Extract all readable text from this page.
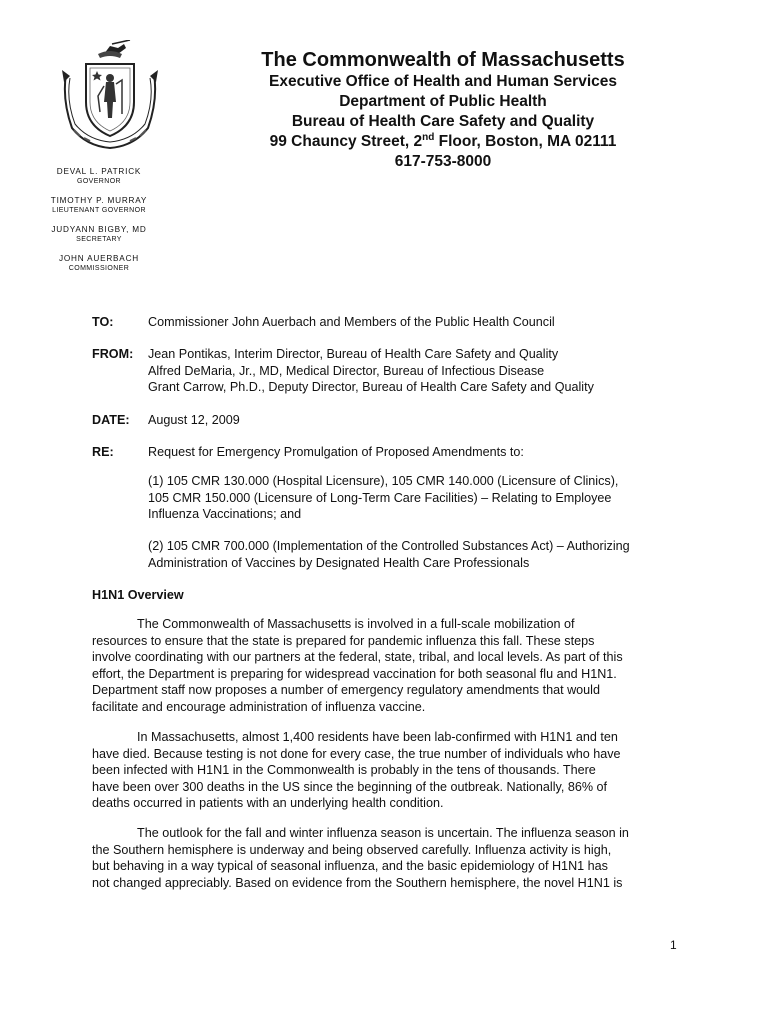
The Commonwealth of Massachusetts
Executive Office of Health and Human Services
Department of Public Health
Bureau of Health Care Safety and Quality
99 Chauncy Street, 2nd Floor, Boston, MA 02111
617-753-8000
DEVAL L. PATRICK
GOVERNOR
TIMOTHY P. MURRAY
LIEUTENANT GOVERNOR
JUDYANN BIGBY, MD
SECRETARY
JOHN AUERBACH
COMMISSIONER
TO:	Commissioner John Auerbach and Members of the Public Health Council
FROM:	Jean Pontikas, Interim Director, Bureau of Health Care Safety and Quality
Alfred DeMaria, Jr., MD, Medical Director, Bureau of Infectious Disease
Grant Carrow, Ph.D., Deputy Director, Bureau of Health Care Safety and Quality
DATE:	August 12, 2009
RE:	Request for Emergency Promulgation of Proposed Amendments to:
(1) 105 CMR 130.000 (Hospital Licensure), 105 CMR 140.000 (Licensure of Clinics),
105 CMR 150.000 (Licensure of Long-Term Care Facilities) – Relating to Employee
Influenza Vaccinations; and
(2) 105 CMR 700.000 (Implementation of the Controlled Substances Act) – Authorizing
Administration of Vaccines by Designated Health Care Professionals
H1N1 Overview
The Commonwealth of Massachusetts is involved in a full-scale mobilization of
resources to ensure that the state is prepared for pandemic influenza this fall. These steps
involve coordinating with our partners at the federal, state, tribal, and local levels. As part of this
effort, the Department is preparing for widespread vaccination for both seasonal flu and H1N1.
Department staff now proposes a number of emergency regulatory amendments that would
facilitate and encourage administration of influenza vaccine.
In Massachusetts, almost 1,400 residents have been lab-confirmed with H1N1 and ten
have died. Because testing is not done for every case, the true number of individuals who have
been infected with H1N1 in the Commonwealth is probably in the tens of thousands. There
have been over 300 deaths in the US since the beginning of the outbreak. Nationally, 86% of
deaths occurred in patients with an underlying health condition.
The outlook for the fall and winter influenza season is uncertain. The influenza season in
the Southern hemisphere is underway and being observed carefully. Influenza activity is high,
but behaving in a way typical of seasonal influenza, and the basic epidemiology of H1N1 has
not changed appreciably. Based on evidence from the Southern hemisphere, the novel H1N1 is
1
